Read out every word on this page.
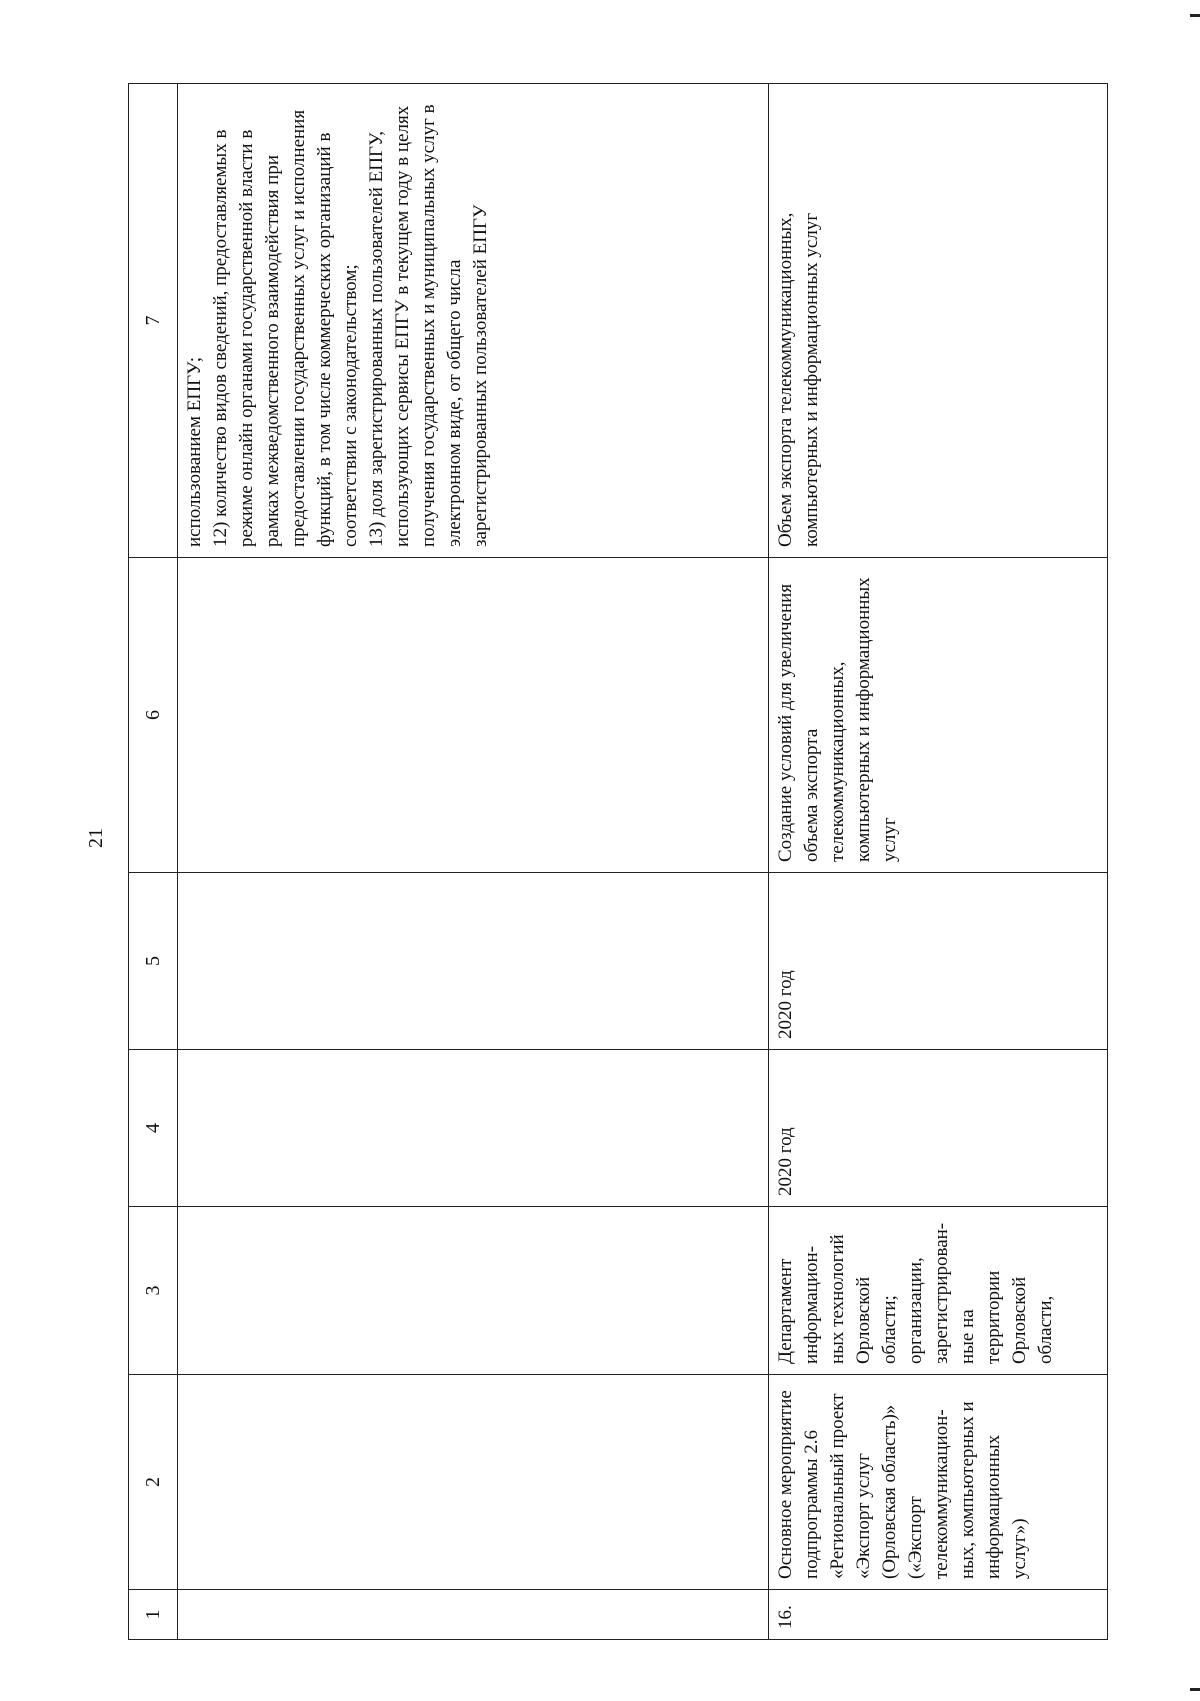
21
1	2	3	4	5	6	7
						использованием ЕПГУ;
12) количество видов сведений, предоставляемых в режиме онлайн органами государственной власти в рамках межведомственного взаимодействия при предоставлении государственных услуг и исполнения функций, в том числе коммерческих организаций в соответствии с законодательством;
13) доля зарегистрированных пользователей ЕПГУ, использующих сервисы ЕПГУ в текущем году в целях получения государственных и муниципальных услуг в электронном виде, от общего числа зарегистрированных пользователей ЕПГУ
16.	Основное мероприятие подпрограммы 2.6 «Региональный проект «Экспорт услуг (Орловская область)» («Экспорт телекоммуникацион-ных, компьютерных и информационных услуг»)	Департамент информацион-ных технологий Орловской области; организации, зарегистрирован-ные на территории Орловской области,	2020 год	2020 год	Создание условий для увеличения объема экспорта телекоммуникационных, компьютерных и информационных услуг	Объем экспорта телекоммуникационных, компьютерных и информационных услуг
